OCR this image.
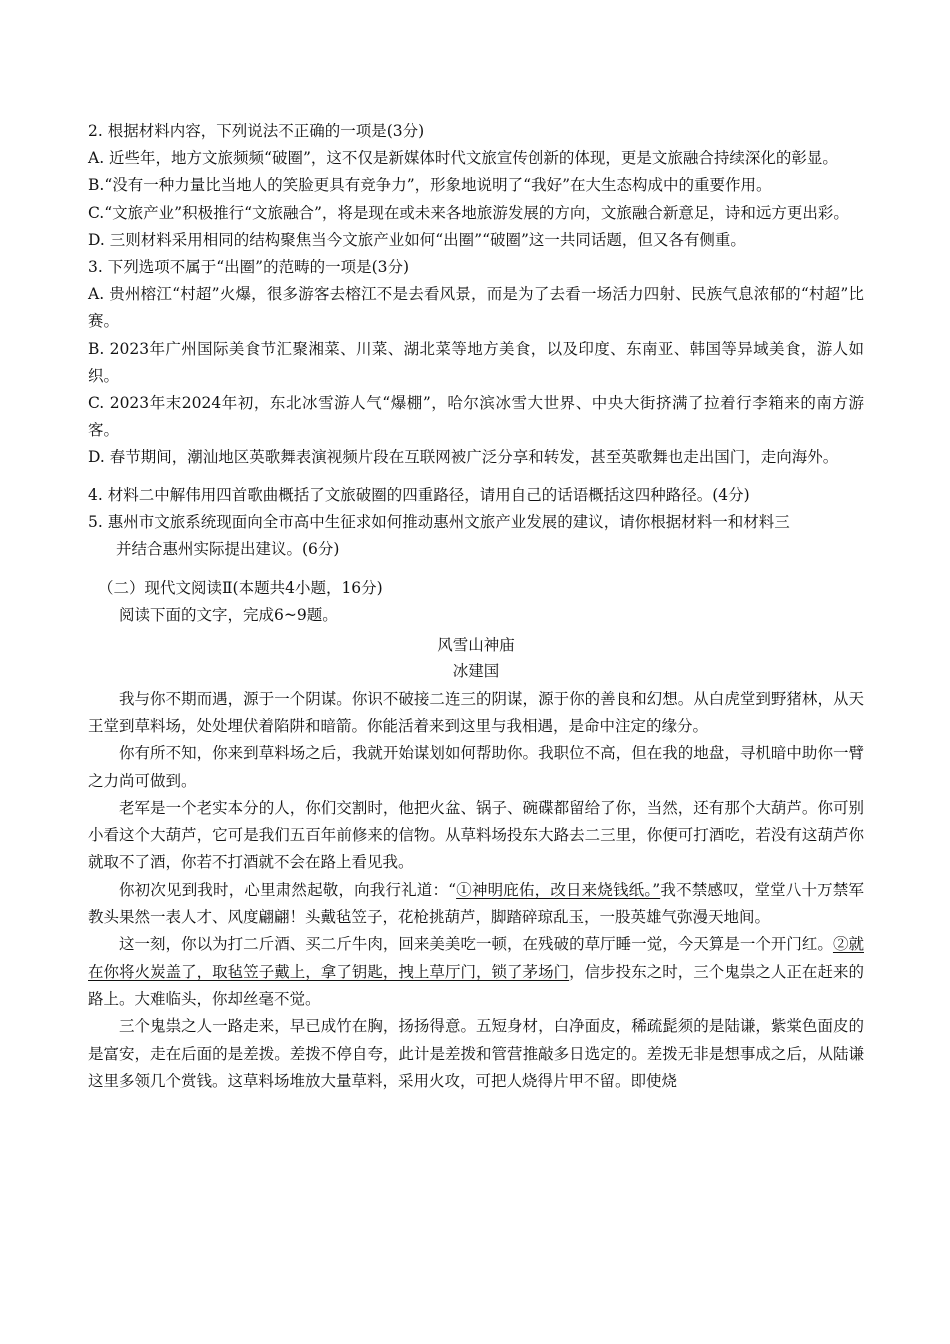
2. 根据材料内容，下列说法不正确的一项是(3分)

A. 近些年，地方文旅频频“破圈”，这不仅是新媒体时代文旅宣传创新的体现，更是文旅融合持续深化的彰显。

B.“没有一种力量比当地人的笑脸更具有竞争力”，形象地说明了“我好”在大生态构成中的重要作用。

C.“文旅产业”积极推行“文旅融合”，将是现在或未来各地旅游发展的方向，文旅融合新意足，诗和远方更出彩。

D. 三则材料采用相同的结构聚焦当今文旅产业如何“出圈”“破圈”这一共同话题，但又各有侧重。

3. 下列选项不属于“出圈”的范畴的一项是(3分)

A. 贵州榕江“村超”火爆，很多游客去榕江不是去看风景，而是为了去看一场活力四射、民族气息浓郁的“村超”比赛。

B. 2023年广州国际美食节汇聚湘菜、川菜、湖北菜等地方美食，以及印度、东南亚、韩国等异域美食，游人如织。

C. 2023年末2024年初，东北冰雪游人气“爆棚”，哈尔滨冰雪大世界、中央大街挤满了拉着行李箱来的南方游客。

D. 春节期间，潮汕地区英歌舞表演视频片段在互联网被广泛分享和转发，甚至英歌舞也走出国门，走向海外。

4. 材料二中解伟用四首歌曲概括了文旅破圈的四重路径，请用自己的话语概括这四种路径。(4分)

5. 惠州市文旅系统现面向全市高中生征求如何推动惠州文旅产业发展的建议，请你根据材料一和材料三

并结合惠州实际提出建议。(6分)

（二）现代文阅读Ⅱ(本题共4小题，16分)

阅读下面的文字，完成6~9题。

风雪山神庙

冰建国

我与你不期而遇，源于一个阴谋。你识不破接二连三的阴谋，源于你的善良和幻想。从白虎堂到野猪林，从天王堂到草料场，处处埋伏着陷阱和暗箭。你能活着来到这里与我相遇，是命中注定的缘分。

你有所不知，你来到草料场之后，我就开始谋划如何帮助你。我职位不高，但在我的地盘，寻机暗中助你一臂之力尚可做到。

老军是一个老实本分的人，你们交割时，他把火盆、锅子、碗碟都留给了你，当然，还有那个大葫芦。你可别小看这个大葫芦，它可是我们五百年前修来的信物。从草料场投东大路去二三里，你便可打酒吃，若没有这葫芦你就取不了酒，你若不打酒就不会在路上看见我。

你初次见到我时，心里肃然起敬，向我行礼道：“①神明庇佑，改日来烧钱纸。”我不禁感叹，堂堂八十万禁军教头果然一表人才、风度翩翩！头戴毡笠子，花枪挑葫芦，脚踏碎琼乱玉，一股英雄气弥漫天地间。

这一刻，你以为打二斤酒、买二斤牛肉，回来美美吃一顿，在残破的草厅睡一觉，今天算是一个开门红。②就在你将火炭盖了，取毡笠子戴上，拿了钥匙，拽上草厅门，锁了茅场门，信步投东之时，三个鬼祟之人正在赶来的路上。大难临头，你却丝毫不觉。

三个鬼祟之人一路走来，早已成竹在胸，扬扬得意。五短身材，白净面皮，稀疏髭须的是陆谦，紫棠色面皮的是富安，走在后面的是差拨。差拨不停自夸，此计是差拨和管营推敲多日选定的。差拨无非是想事成之后，从陆谦这里多领几个赏钱。这草料场堆放大量草料，采用火攻，可把人烧得片甲不留。即使烧
